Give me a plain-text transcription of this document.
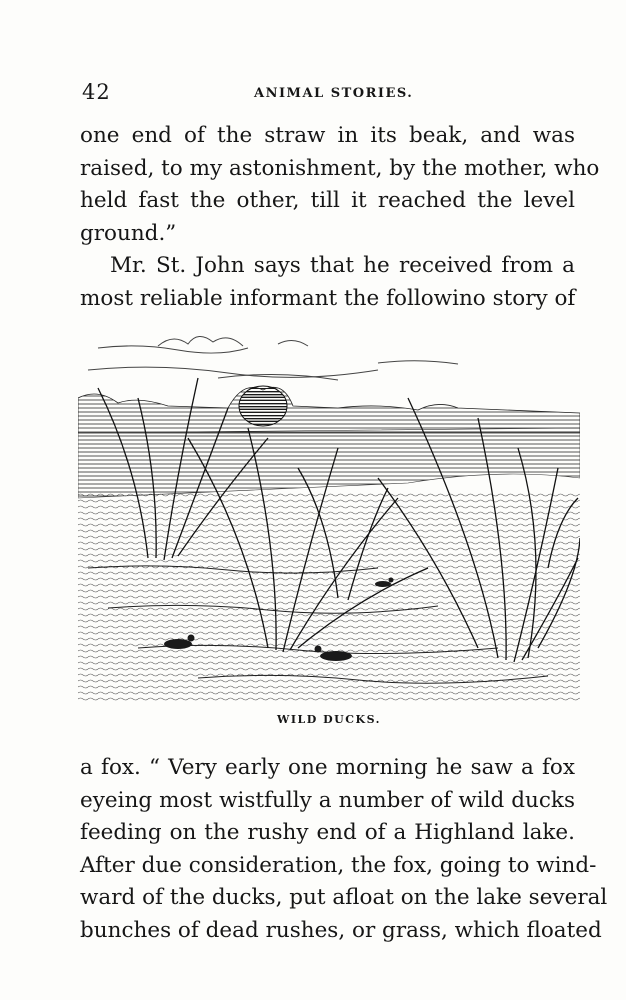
42	ANIMAL STORIES.
one end of the straw in its beak, and was
raised, to my astonishment, by the mother, who
held fast the other, till it reached the level
ground.”
Mr. St. John says that he received from a
most reliable informant the followino story of
WILD DUCKS.
a fox. “ Very early one morning he saw a fox
eyeing most wistfully a number of wild ducks
feeding on the rushy end of a Highland lake.
After due consideration, the fox, going to wind-
ward of the ducks, put afloat on the lake several
bunches of dead rushes, or grass, which floated
